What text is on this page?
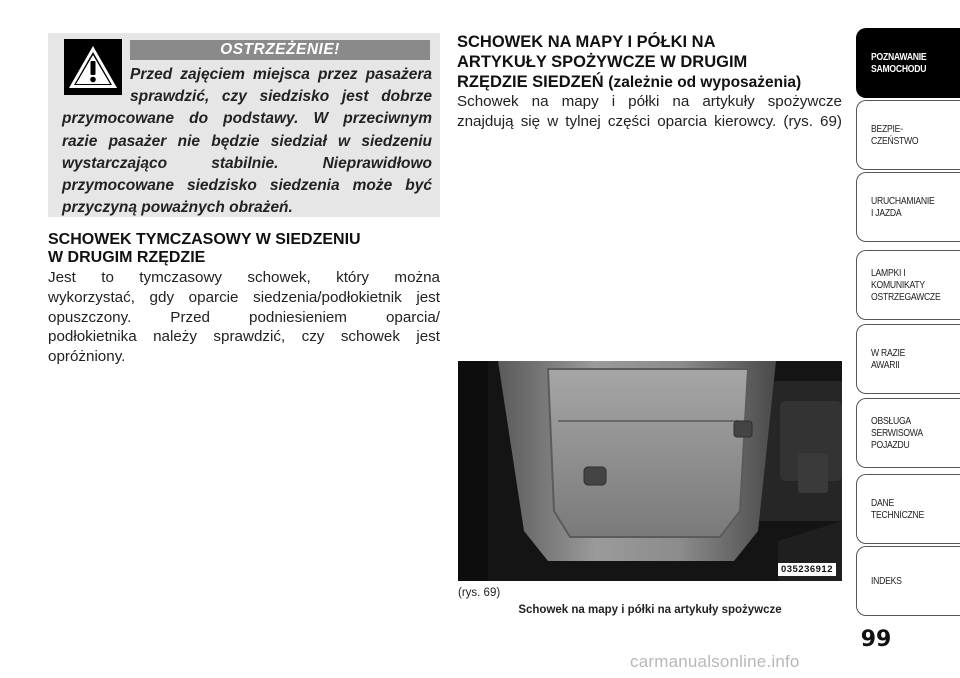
OSTRZEŻENIE!
Przed zajęciem miejsca przez pasażera
sprawdzić, czy siedzisko jest dobrze
przymocowane do podstawy. W przeciwnym
razie pasażer nie będzie siedział w siedzeniu
wystarczająco stabilnie. Nieprawidłowo
przymocowane siedzisko siedzenia może być
przyczyną poważnych obrażeń.
SCHOWEK TYMCZASOWY W SIEDZENIU
W DRUGIM RZĘDZIE
Jest to tymczasowy schowek, który można
wykorzystać, gdy oparcie siedzenia/podłokietnik jest
opuszczony. Przed podniesieniem oparcia/
podłokietnika należy sprawdzić, czy schowek jest
opróżniony.
SCHOWEK NA MAPY I PÓŁKI NA
ARTYKUŁY SPOŻYWCZE W DRUGIM
RZĘDZIE SIEDZEŃ (zależnie od wyposażenia)
Schowek na mapy i półki na artykuły spożywcze
znajdują się w tylnej części oparcia kierowcy. (rys. 69)
035236912
(rys. 69)
Schowek na mapy i półki na artykuły spożywcze
POZNAWANIE
SAMOCHODU
BEZPIE-
CZEŃSTWO
URUCHAMIANIE
I JAZDA
LAMPKI I
KOMUNIKATY
OSTRZEGAWCZE
W RAZIE
AWARII
OBSŁUGA
SERWISOWA
POJAZDU
DANE
TECHNICZNE
INDEKS
99
carmanualsonline.info
